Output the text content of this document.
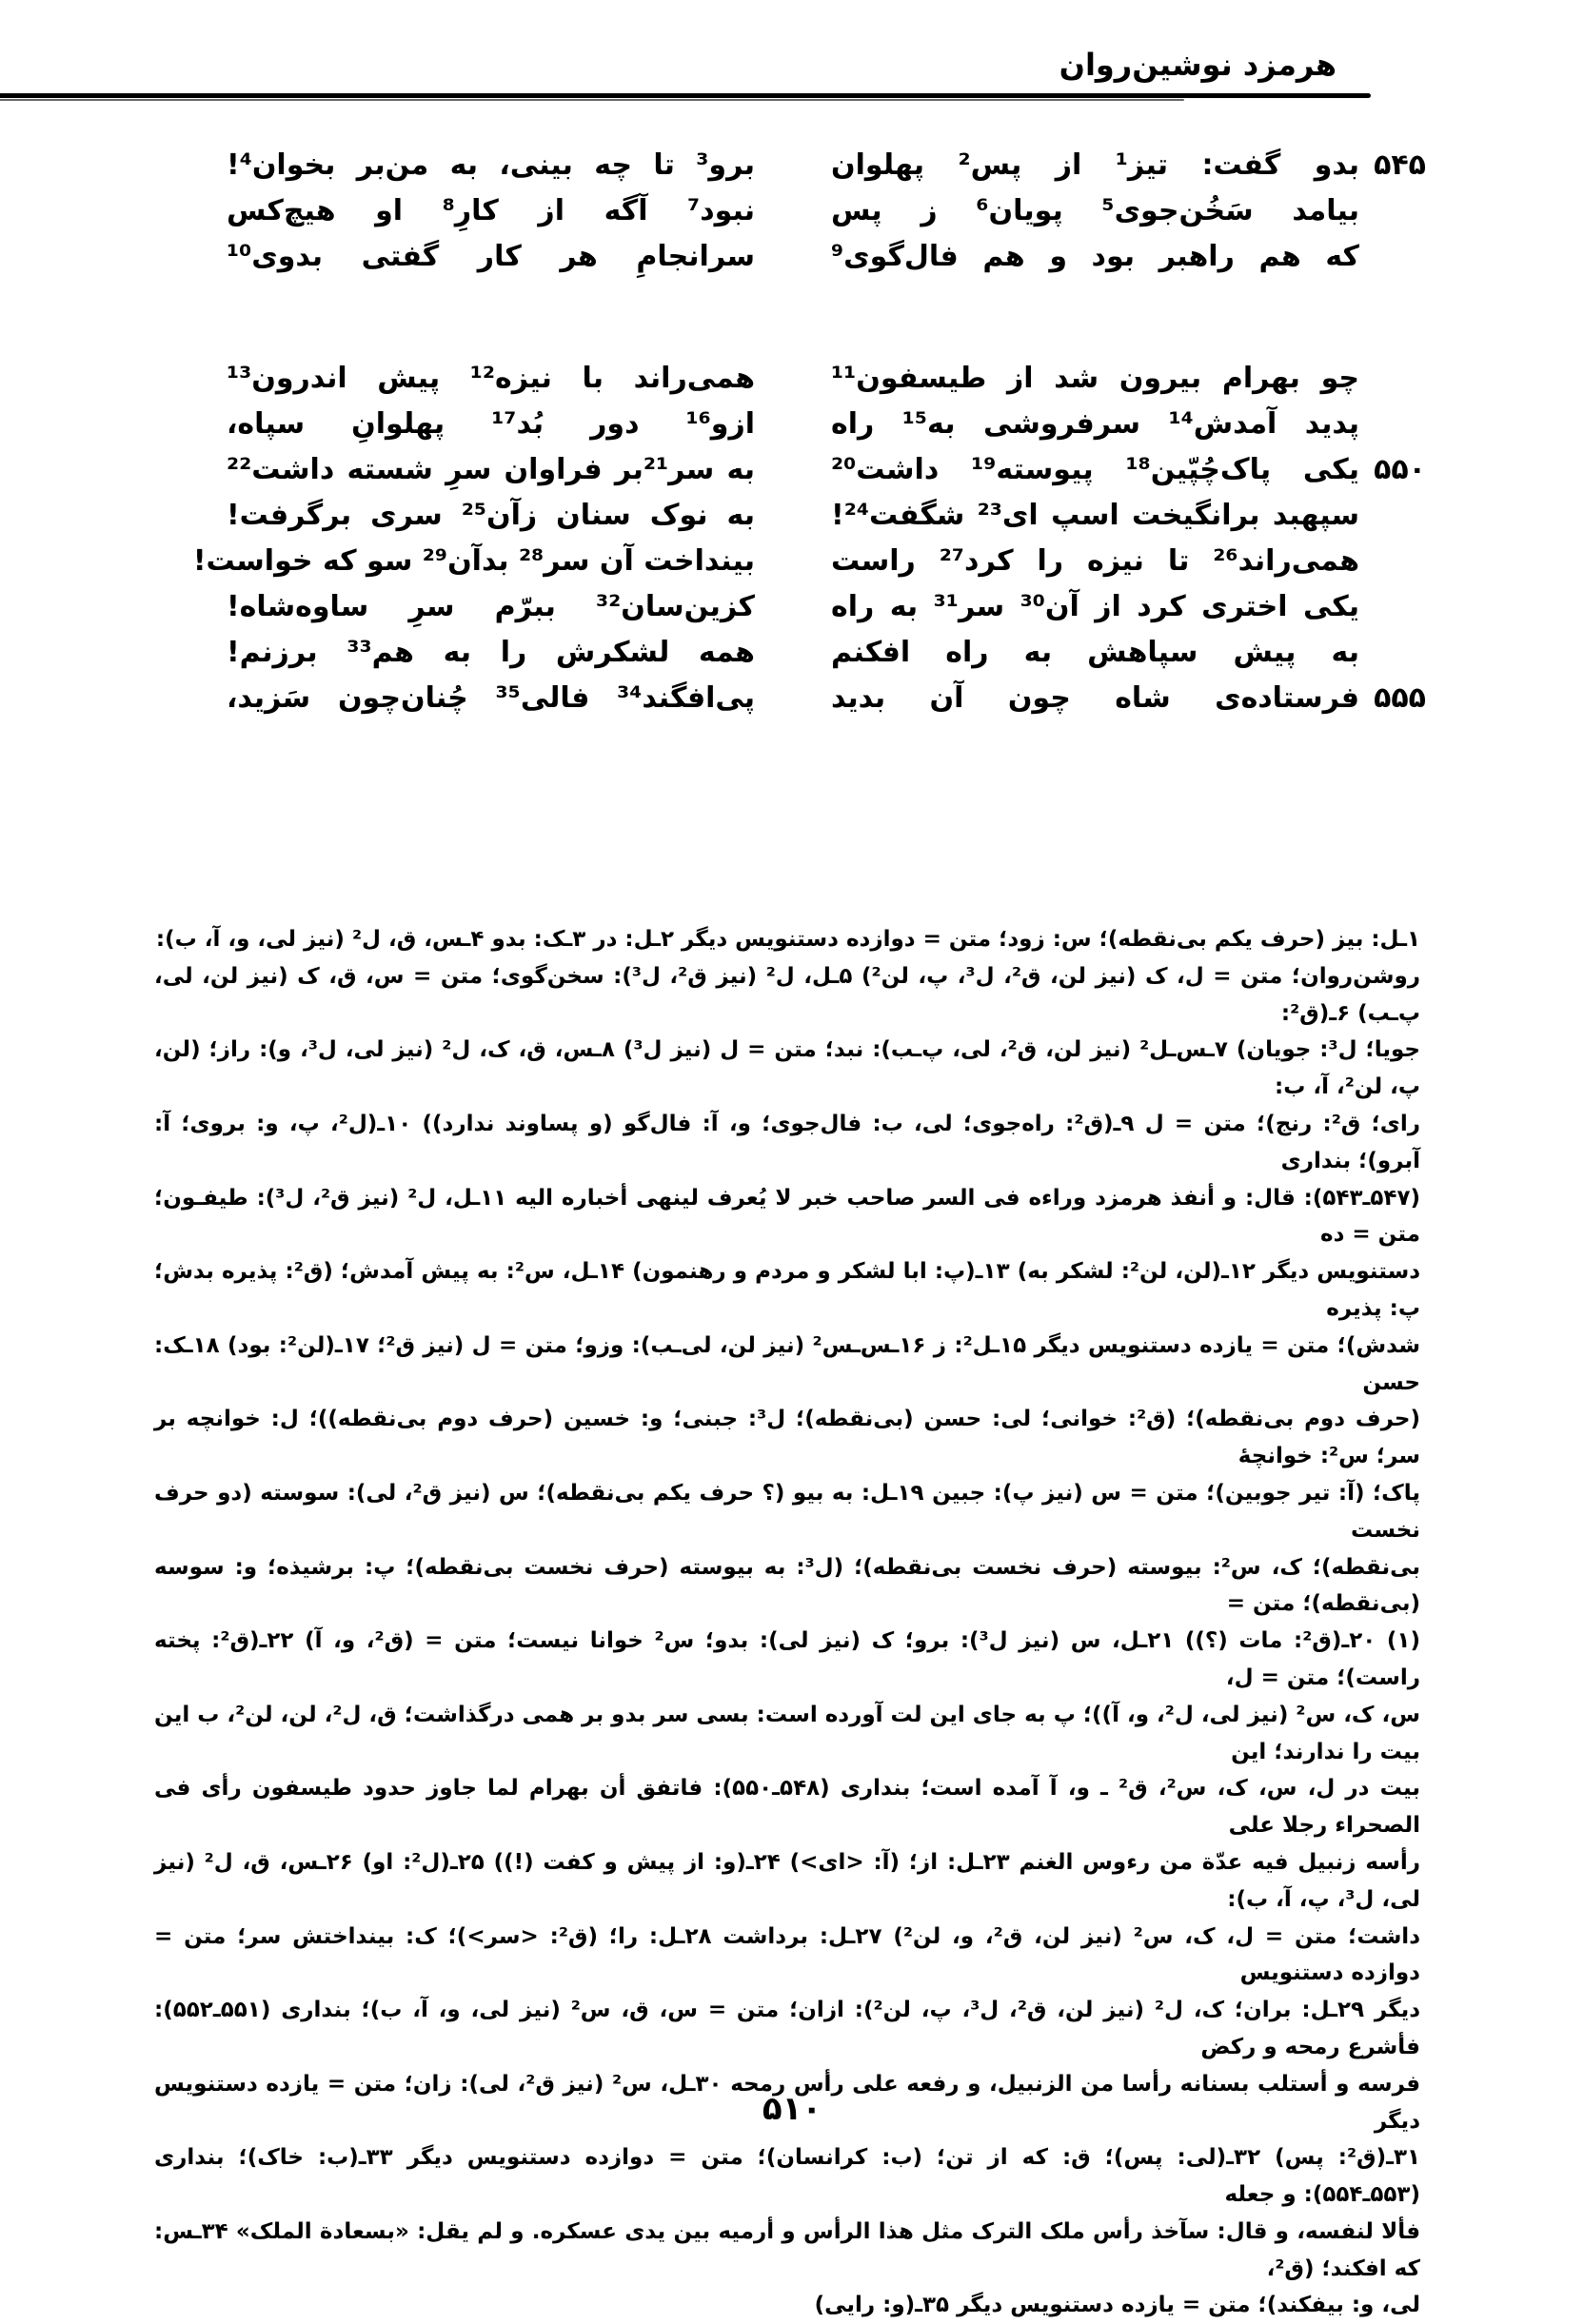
هرمزد نوشین‌روان
۵۴۵
بدو گفت: تیز¹ از پس² پهلوان
بیامد سَخُن‌جوی⁵ پویان⁶ ز پس
که هم راهبر بود و هم فال‌گوی⁹
چو بهرام بیرون شد از طیسفون¹¹
پدید آمدش¹⁴ سرفروشی به¹⁵ راه
۵۵۰
یکی پاک‌چُپّین¹⁸ پیوسته¹⁹ داشت²⁰
سپهبد برانگیخت اسپ ای²³ شگفت²⁴!
همی‌راند²⁶ تا نیزه را کرد²⁷ راست
یکی اختری کرد از آن³⁰ سر³¹ به راه
به پیش سپاهش به راه افکنم
۵۵۵
فرستاده‌ی شاه چون آن بدید
برو³ تا چه بینی، به من‌بر بخوان⁴!
نبود⁷ آگه از کارِ⁸ او هیچ‌کس
سرانجامِ هر کار گفتی بدوی¹⁰
همی‌راند با نیزه¹² پیش اندرون¹³
ازو¹⁶ دور بُد¹⁷ پهلوانِ سپاه،
به سر²¹بر فراوان سرِ شسته داشت²²
به نوک سنان زآن²⁵ سری برگرفت!
بینداخت آن سر²⁸ بدآن²⁹ سو که خواست!
کزین‌سان³² ببرّم سرِ ساوه‌شاه!
همه لشکرش را به هم³³ برزنم!
پی‌افگند³⁴ فالی³⁵ چُنان‌چون سَزید،
۱ـل: بیز (حرف یکم بی‌نقطه)؛ س: زود؛ متن = دوازده دستنویس دیگر ۲ـل: در ۳ـک: بدو ۴ـس، ق، ل² (نیز لی، و، آ، ب):
روشن‌روان؛ متن = ل، ک (نیز لن، ق²، ل³، پ، لن²) ۵ـل، ل² (نیز ق²، ل³): سخن‌گوی؛ متن = س، ق، ک (نیز لن، لی، پ‌ـب) ۶ـ(ق²:
جویا؛ ل³: جویان) ۷ـس‌ـل² (نیز لن، ق²، لی، پ‌ـب): نبد؛ متن = ل (نیز ل³) ۸ـس، ق، ک، ل² (نیز لی، ل³، و): راز؛ (لن، پ، لن²، آ، ب:
رای؛ ق²: رنج)؛ متن = ل ۹ـ(ق²: راه‌جوی؛ لی، ب: فال‌جوی؛ و، آ: فال‌گو (و پساوند ندارد)) ۱۰ـ(ل²، پ، و: بروی؛ آ: آبرو)؛ بنداری
(۵۴۷ـ۵۴۳): قال: و أنفذ هرمزد وراءه فی السر صاحب خبر لا یُعرف لینهی أخباره الیه ۱۱ـل، ل² (نیز ق²، ل³): طیفـون؛ متن = ده
دستنویس دیگر ۱۲ـ(لن، لن²: لشکر به) ۱۳ـ(پ: ابا لشکر و مردم و رهنمون) ۱۴ـل، س²: به پیش آمدش؛ (ق²: پذیره بدش؛ پ: پذیره
شدش)؛ متن = یازده دستنویس دیگر ۱۵ـل²: ز ۱۶ـس‌ـس² (نیز لن، لی‌ـب): وزو؛ متن = ل (نیز ق²؛ ۱۷ـ(لن²: بود) ۱۸ـک: حسن
(حرف دوم بی‌نقطه)؛ (ق²: خوانی؛ لی: حسن (بی‌نقطه)؛ ل³: جبنی؛ و: خسین (حرف دوم بی‌نقطه))؛ ل: خوانچه بر سر؛ س²: خوانچهٔ
پاک؛ (آ: تیر جوبین)؛ متن = س (نیز پ): جبین ۱۹ـل: به بیو (؟ حرف یکم بی‌نقطه)؛ س (نیز ق²، لی): سوسته (دو حرف نخست
بی‌نقطه)؛ ک، س²: بیوسته (حرف نخست بی‌نقطه)؛ (ل³: به بیوسته (حرف نخست بی‌نقطه)؛ پ: برشیذه؛ و: سوسه (بی‌نقطه)؛ متن =
(۱) ۲۰ـ(ق²: مات (؟)) ۲۱ـل، س (نیز ل³): برو؛ ک (نیز لی): بدو؛ س² خوانا نیست؛ متن = (ق²، و، آ) ۲۲ـ(ق²: پخته راست)؛ متن = ل،
س، ک، س² (نیز لی، ل²، و، آ))؛ پ به جای این لت آورده است: بسی سر بدو بر همی درگذاشت؛ ق، ل²، لن، لن²، ب این بیت را ندارند؛ این
بیت در ل، س، ک، س²، ق² ـ و، آ آمده است؛ بنداری (۵۴۸ـ۵۵۰): فاتفق أن بهرام لما جاوز حدود طیسفون رأی فی الصحراء رجلا علی
رأسه زنبیل فیه عدّة من رءوس الغنم ۲۳ـل: از؛ (آ: <ای>) ۲۴ـ(و: از پیش و کفت (!)) ۲۵ـ(ل²: او) ۲۶ـس، ق، ل² (نیز لی، ل³، پ، آ، ب):
داشت؛ متن = ل، ک، س² (نیز لن، ق²، و، لن²) ۲۷ـل: برداشت ۲۸ـل: را؛ (ق²: <سر>)؛ ک: بینداختش سر؛ متن = دوازده دستنویس
دیگر ۲۹ـل: بران؛ ک، ل² (نیز لن، ق²، ل³، پ، لن²): ازان؛ متن = س، ق، س² (نیز لی، و، آ، ب)؛ بنداری (۵۵۱ـ۵۵۲): فأشرع رمحه و رکض
فرسه و أستلب بسنانه رأسا من الزنبیل، و رفعه علی رأس رمحه ۳۰ـل، س² (نیز ق²، لی): زان؛ متن = یازده دستنویس دیگر
۳۱ـ(ق²: پس) ۳۲ـ(لی: پس)؛ ق: که از تن؛ (ب: کرانسان)؛ متن = دوازده دستنویس دیگر ۳۳ـ(ب: خاک)؛ بنداری (۵۵۳ـ۵۵۴): و جعله
فألا لنفسه، و قال: سآخذ رأس ملک الترک مثل هذا الرأس و أرمیه بین یدی عسکره. و لم یقل: «بسعادة الملک» ۳۴ـس: که افکند؛ (ق²،
لی، و: بیفکند)؛ متن = یازده دستنویس دیگر ۳۵ـ(و: رایی)
۵۱۰
